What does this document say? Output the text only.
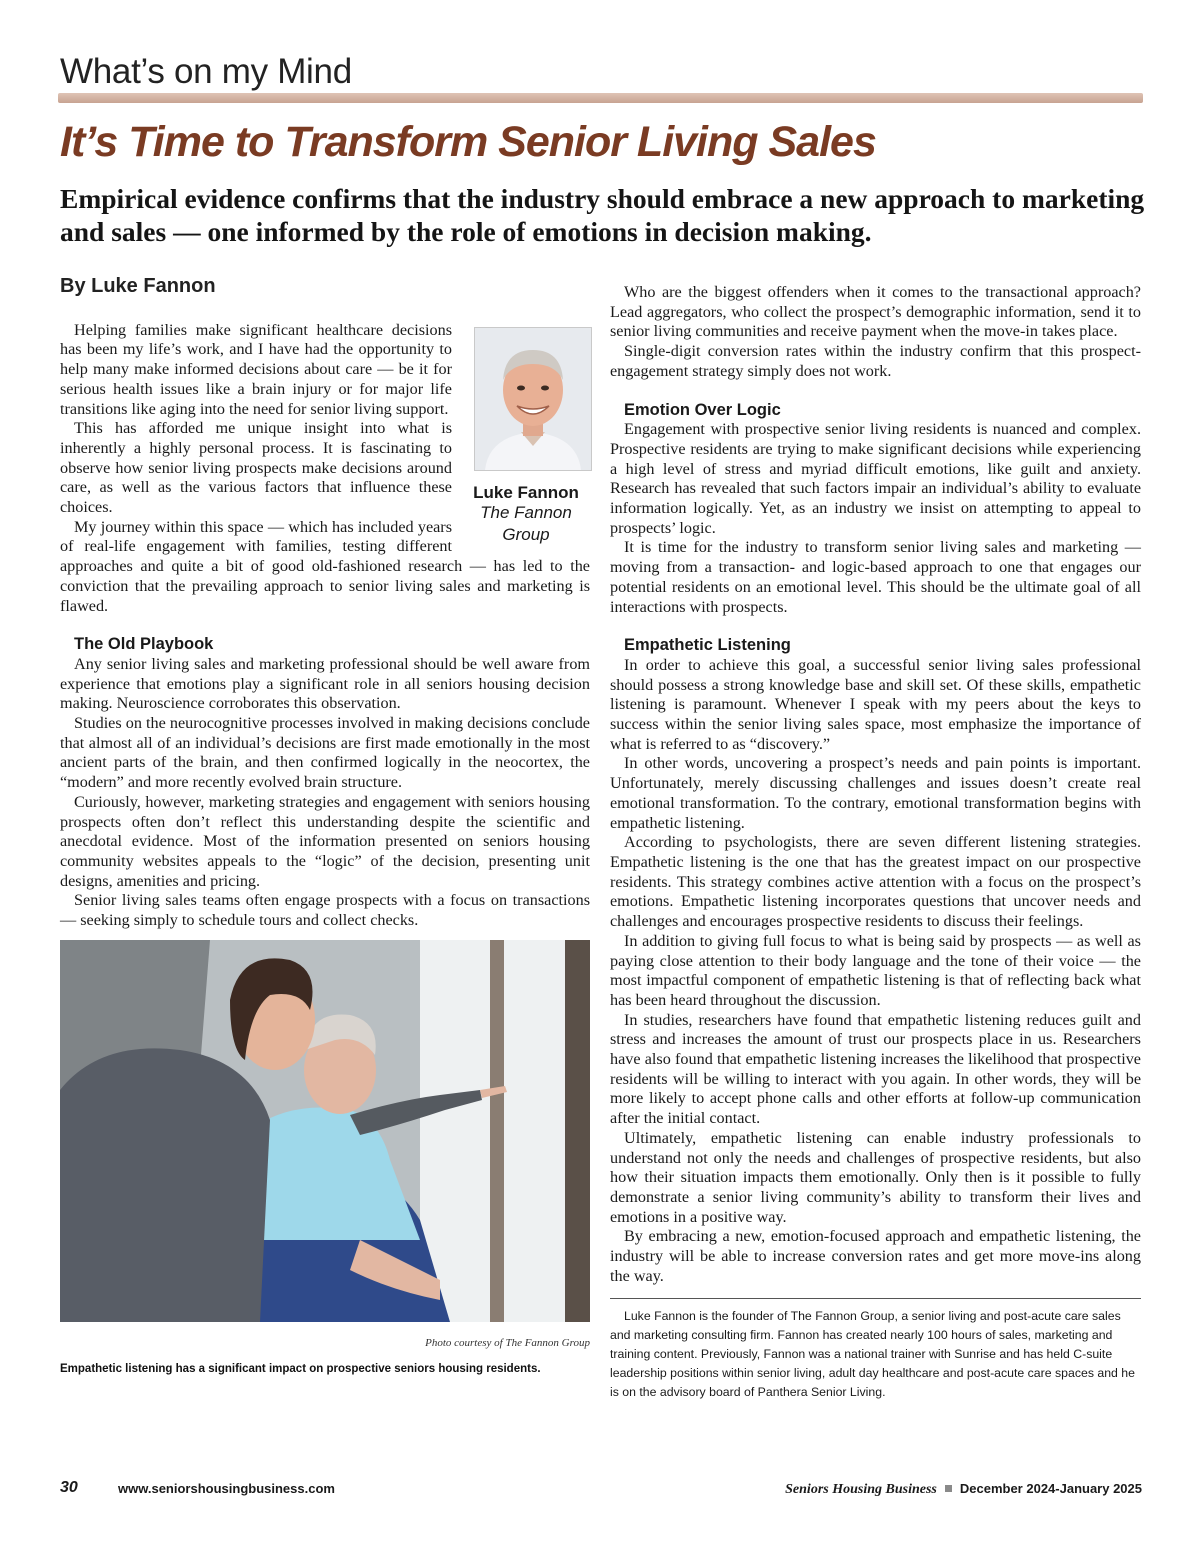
What’s on my Mind
It’s Time to Transform Senior Living Sales
Empirical evidence confirms that the industry should embrace a new approach to marketing and sales — one informed by the role of emotions in decision making.
By Luke Fannon
Luke Fannon
The Fannon
Group

Helping families make significant healthcare decisions has been my life’s work, and I have had the opportunity to help many make informed decisions about care — be it for serious health issues like a brain injury or for major life transitions like aging into the need for senior living support.

This has afforded me unique insight into what is inherently a highly personal process. It is fascinating to observe how senior living prospects make decisions around care, as well as the various factors that influence these choices.

My journey within this space — which has included years of real-life engagement with families, testing different approaches and quite a bit of good old-fashioned research — has led to the conviction that the prevailing approach to senior living sales and marketing is flawed.

The Old Playbook

Any senior living sales and marketing professional should be well aware from experience that emotions play a significant role in all seniors housing decision making. Neuroscience corroborates this observation.

Studies on the neurocognitive processes involved in making decisions conclude that almost all of an individual’s decisions are first made emotionally in the most ancient parts of the brain, and then confirmed logically in the neocortex, the “modern” and more recently evolved brain structure.

Curiously, however, marketing strategies and engagement with seniors housing prospects often don’t reflect this understanding despite the scientific and anecdotal evidence. Most of the information presented on seniors housing community websites appeals to the “logic” of the decision, presenting unit designs, amenities and pricing.

Senior living sales teams often engage prospects with a focus on transactions — seeking simply to schedule tours and collect checks.

Photo courtesy of The Fannon Group
Empathetic listening has a significant impact on prospective seniors housing residents.

Who are the biggest offenders when it comes to the transactional approach? Lead aggregators, who collect the prospect’s demographic information, send it to senior living communities and receive payment when the move-in takes place.

Single-digit conversion rates within the industry confirm that this prospect-engagement strategy simply does not work.

Emotion Over Logic

Engagement with prospective senior living residents is nuanced and complex. Prospective residents are trying to make significant decisions while experiencing a high level of stress and myriad difficult emotions, like guilt and anxiety. Research has revealed that such factors impair an individual’s ability to evaluate information logically. Yet, as an industry we insist on attempting to appeal to prospects’ logic.

It is time for the industry to transform senior living sales and marketing — moving from a transaction- and logic-based approach to one that engages our potential residents on an emotional level. This should be the ultimate goal of all interactions with prospects.

Empathetic Listening

In order to achieve this goal, a successful senior living sales professional should possess a strong knowledge base and skill set. Of these skills, empathetic listening is paramount. Whenever I speak with my peers about the keys to success within the senior living sales space, most emphasize the importance of what is referred to as “discovery.”

In other words, uncovering a prospect’s needs and pain points is important. Unfortunately, merely discussing challenges and issues doesn’t create real emotional transformation. To the contrary, emotional transformation begins with empathetic listening.

According to psychologists, there are seven different listening strategies. Empathetic listening is the one that has the greatest impact on our prospective residents. This strategy combines active attention with a focus on the prospect’s emotions. Empathetic listening incorporates questions that uncover needs and challenges and encourages prospective residents to discuss their feelings.

In addition to giving full focus to what is being said by prospects — as well as paying close attention to their body language and the tone of their voice — the most impactful component of empathetic listening is that of reflecting back what has been heard throughout the discussion.

In studies, researchers have found that empathetic listening reduces guilt and stress and increases the amount of trust our prospects place in us. Researchers have also found that empathetic listening increases the likelihood that prospective residents will be willing to interact with you again. In other words, they will be more likely to accept phone calls and other efforts at follow-up communication after the initial contact.

Ultimately, empathetic listening can enable industry professionals to understand not only the needs and challenges of prospective residents, but also how their situation impacts them emotionally. Only then is it possible to fully demonstrate a senior living community’s ability to transform their lives and emotions in a positive way.

By embracing a new, emotion-focused approach and empathetic listening, the industry will be able to increase conversion rates and get more move-ins along the way.

Luke Fannon is the founder of The Fannon Group, a senior living and post-acute care sales and marketing consulting firm. Fannon has created nearly 100 hours of sales, marketing and training content. Previously, Fannon was a national trainer with Sunrise and has held C-suite leadership positions within senior living, adult day healthcare and post-acute care spaces and he is on the advisory board of Panthera Senior Living.

30	www.seniorshousingbusiness.com	Seniors Housing Business December 2024-January 2025
